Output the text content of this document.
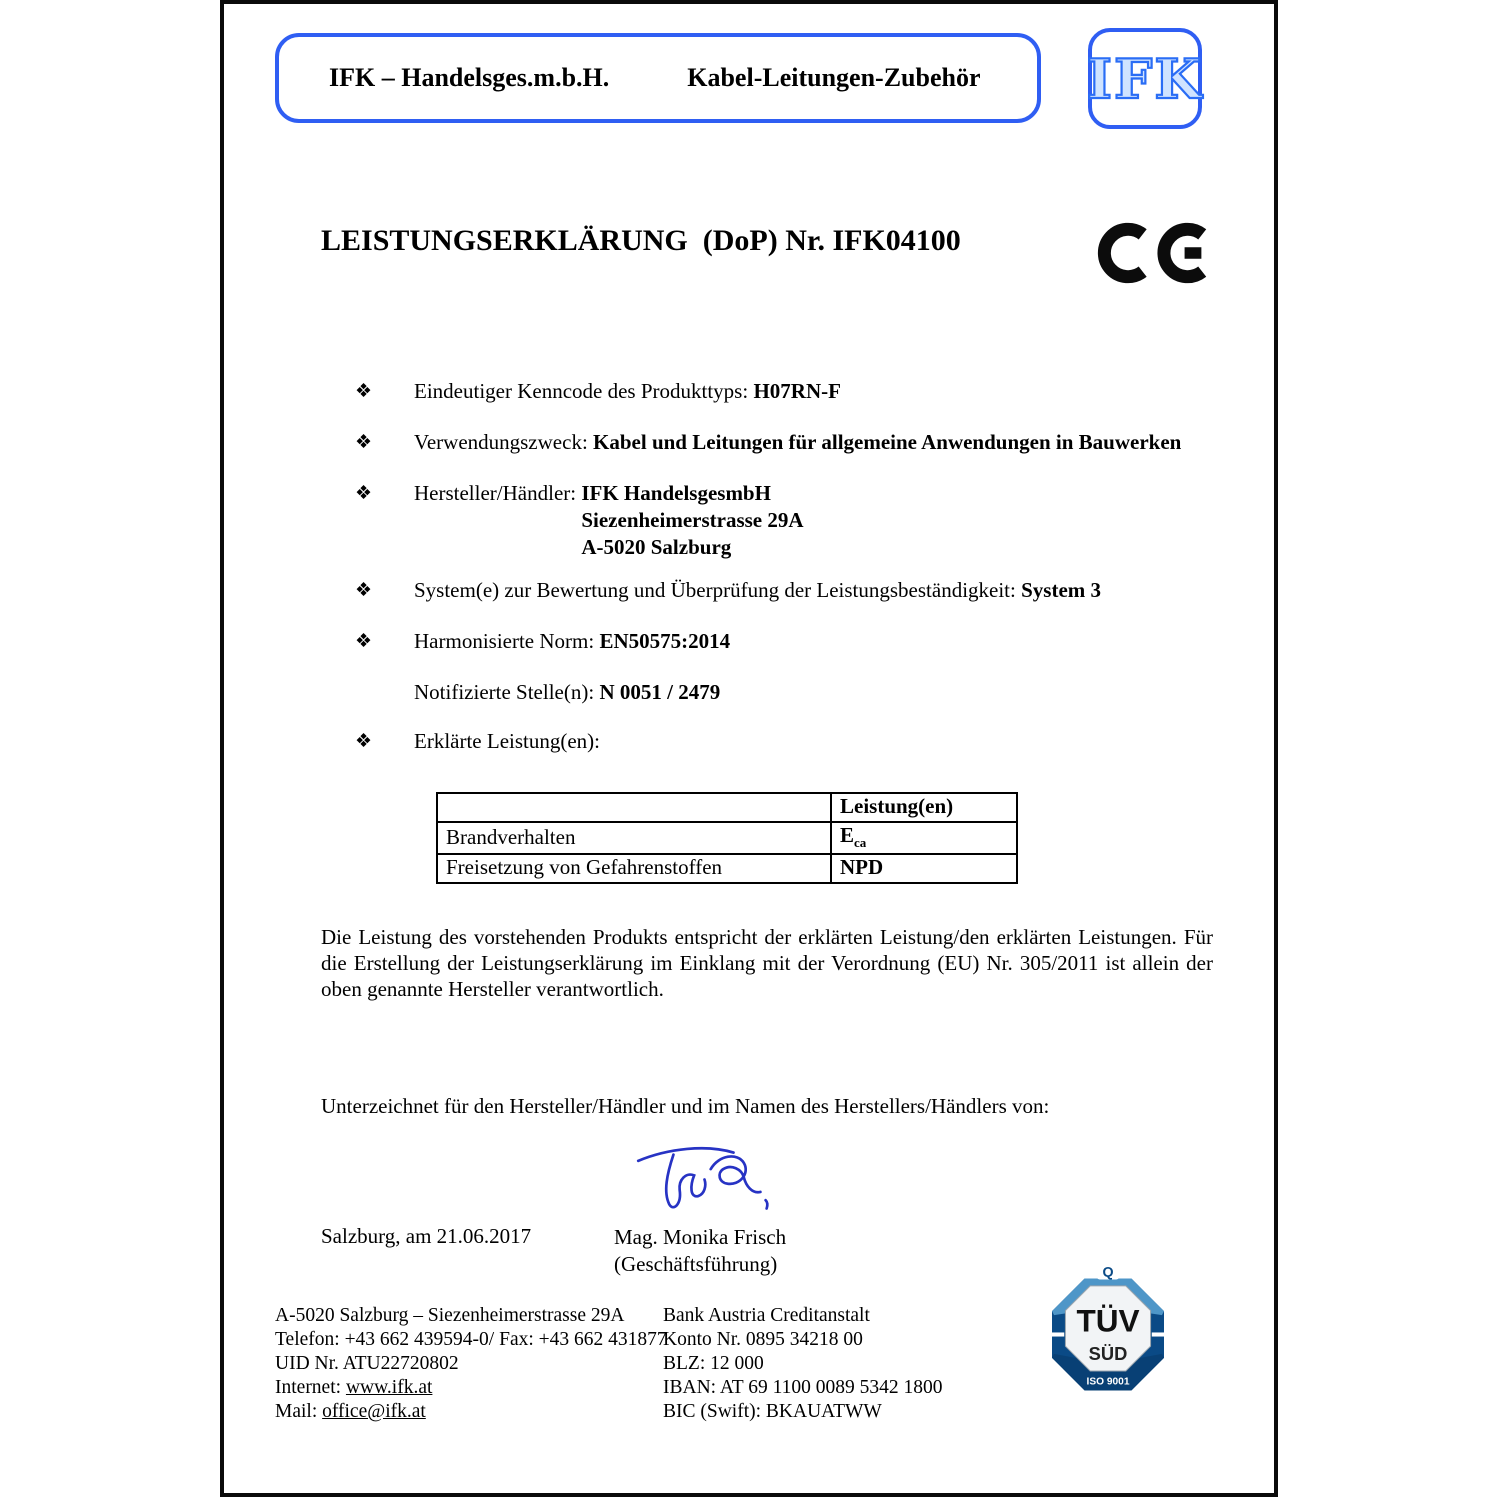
IFK – Handelsges.m.b.H.	Kabel-Leitungen-Zubehör IFK
LEISTUNGSERKLÄRUNG  (DoP) Nr. IFK04100
❖ Eindeutiger Kenncode des Produkttyps: H07RN-F
❖ Verwendungszweck: Kabel und Leitungen für allgemeine Anwendungen in Bauwerken
❖ Hersteller/Händler: IFK HandelsgesmbH
Siezenheimerstrasse 29A
A-5020 Salzburg
❖ System(e) zur Bewertung und Überprüfung der Leistungsbeständigkeit: System 3
❖ Harmonisierte Norm: EN50575:2014
Notifizierte Stelle(n): N 0051 / 2479
❖ Erklärte Leistung(en):
	Leistung(en)
Brandverhalten	$E_{ca}$
Freisetzung von Gefahrenstoffen	NPD
Die Leistung des vorstehenden Produkts entspricht der erklärten Leistung/den erklärten Leistungen. Für die Erstellung der Leistungserklärung im Einklang mit der Verordnung (EU) Nr. 305/2011 ist allein der oben genannte Hersteller verantwortlich.
Unterzeichnet für den Hersteller/Händler und im Namen des Herstellers/Händlers von:
Salzburg, am 21.06.2017	Mag. Monika Frisch
(Geschäftsführung)
A-5020 Salzburg – Siezenheimerstrasse 29A
Telefon: +43 662 439594-0/ Fax: +43 662 431877
UID Nr. ATU22720802
Internet: www.ifk.at
Mail: office@ifk.at
Bank Austria Creditanstalt
Konto Nr. 0895 34218 00
BLZ: 12 000
IBAN: AT 69 1100 0089 5342 1800
BIC (Swift): BKAUATWW
TÜV
SÜD
ISO 9001
Q
